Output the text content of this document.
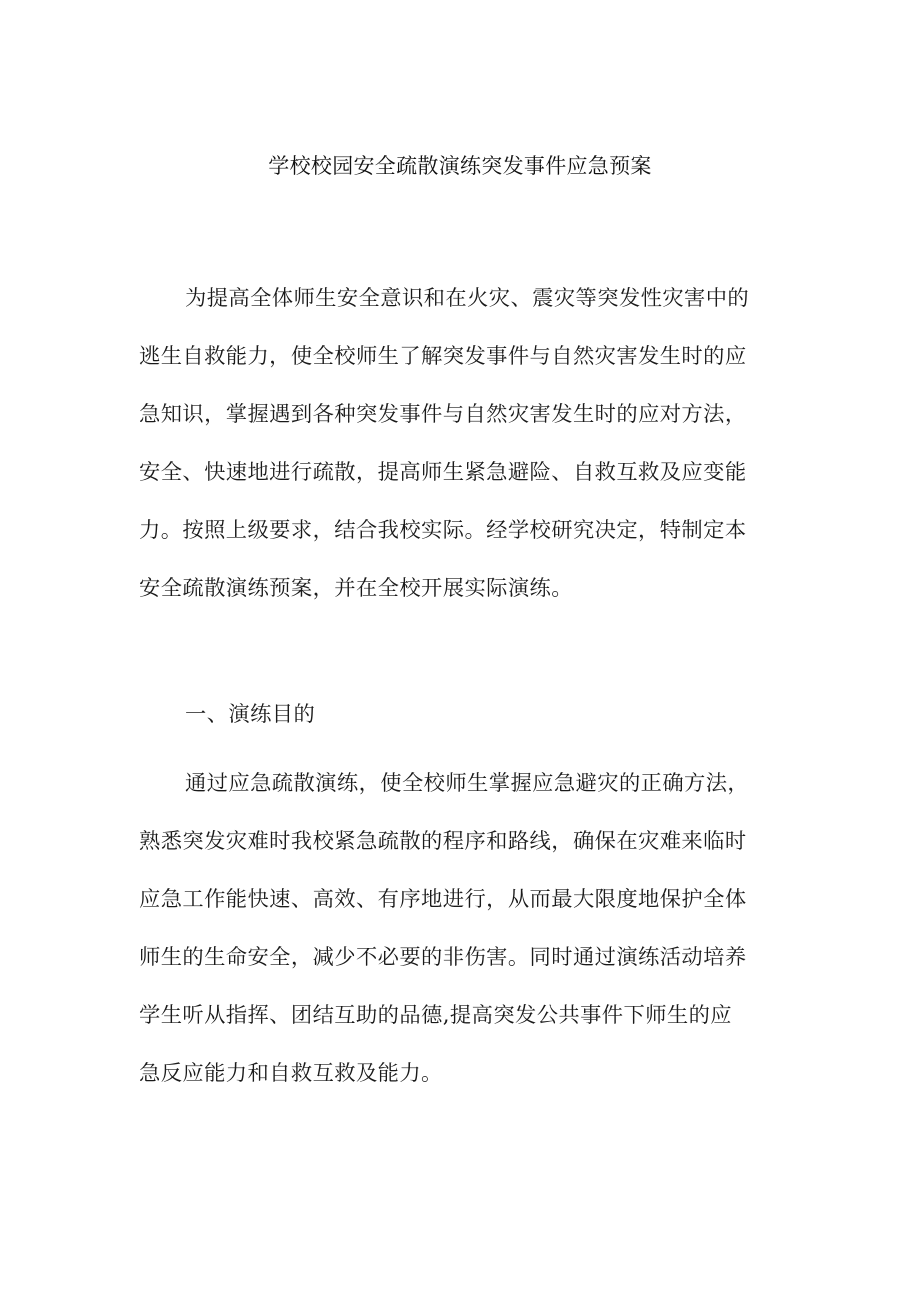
学校校园安全疏散演练突发事件应急预案
为提高全体师生安全意识和在火灾、震灾等突发性灾害中的
逃生自救能力，使全校师生了解突发事件与自然灾害发生时的应
急知识，掌握遇到各种突发事件与自然灾害发生时的应对方法，
安全、快速地进行疏散，提高师生紧急避险、自救互救及应变能
力。按照上级要求，结合我校实际。经学校研究决定，特制定本
安全疏散演练预案，并在全校开展实际演练。
一、演练目的
通过应急疏散演练，使全校师生掌握应急避灾的正确方法，
熟悉突发灾难时我校紧急疏散的程序和路线，确保在灾难来临时
应急工作能快速、高效、有序地进行，从而最大限度地保护全体
师生的生命安全，减少不必要的非伤害。同时通过演练活动培养
学生听从指挥、团结互助的品德,提高突发公共事件下师生的应
急反应能力和自救互救及能力。
